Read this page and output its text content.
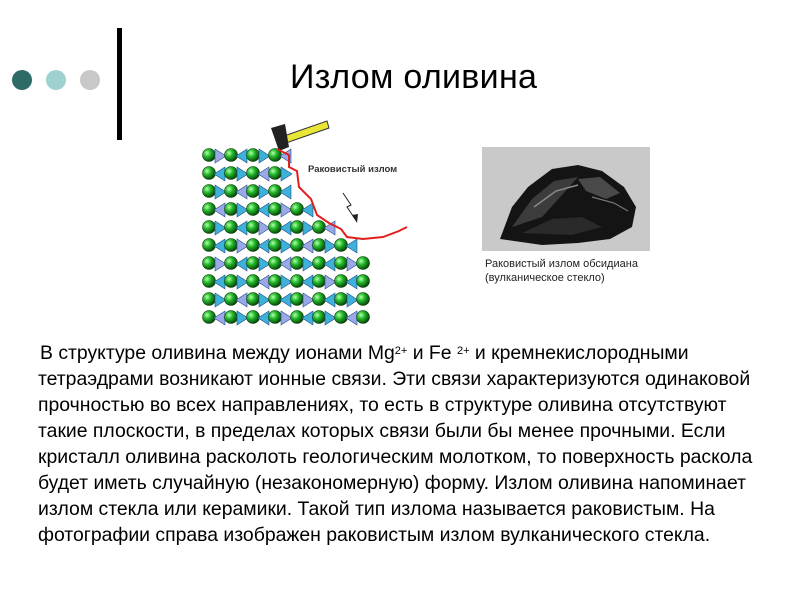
Излом оливина
Раковистый излом
Раковистый излом обсидиана
(вулканическое стекло)
В структуре оливина между ионами $Mg^{2+}$ и Fe $^{2+}$ и кремнекислородными тетраэдрами возникают ионные связи. Эти связи характеризуются одинаковой прочностью во всех направлениях, то есть в структуре оливина отсутствуют такие плоскости, в пределах которых связи были бы менее прочными. Если кристалл оливина расколоть геологическим молотком, то поверхность раскола будет иметь случайную (незакономерную) форму. Излом оливина напоминает излом стекла или керамики. Такой тип излома называется раковистым. На фотографии справа изображен раковистым излом вулканического стекла.
